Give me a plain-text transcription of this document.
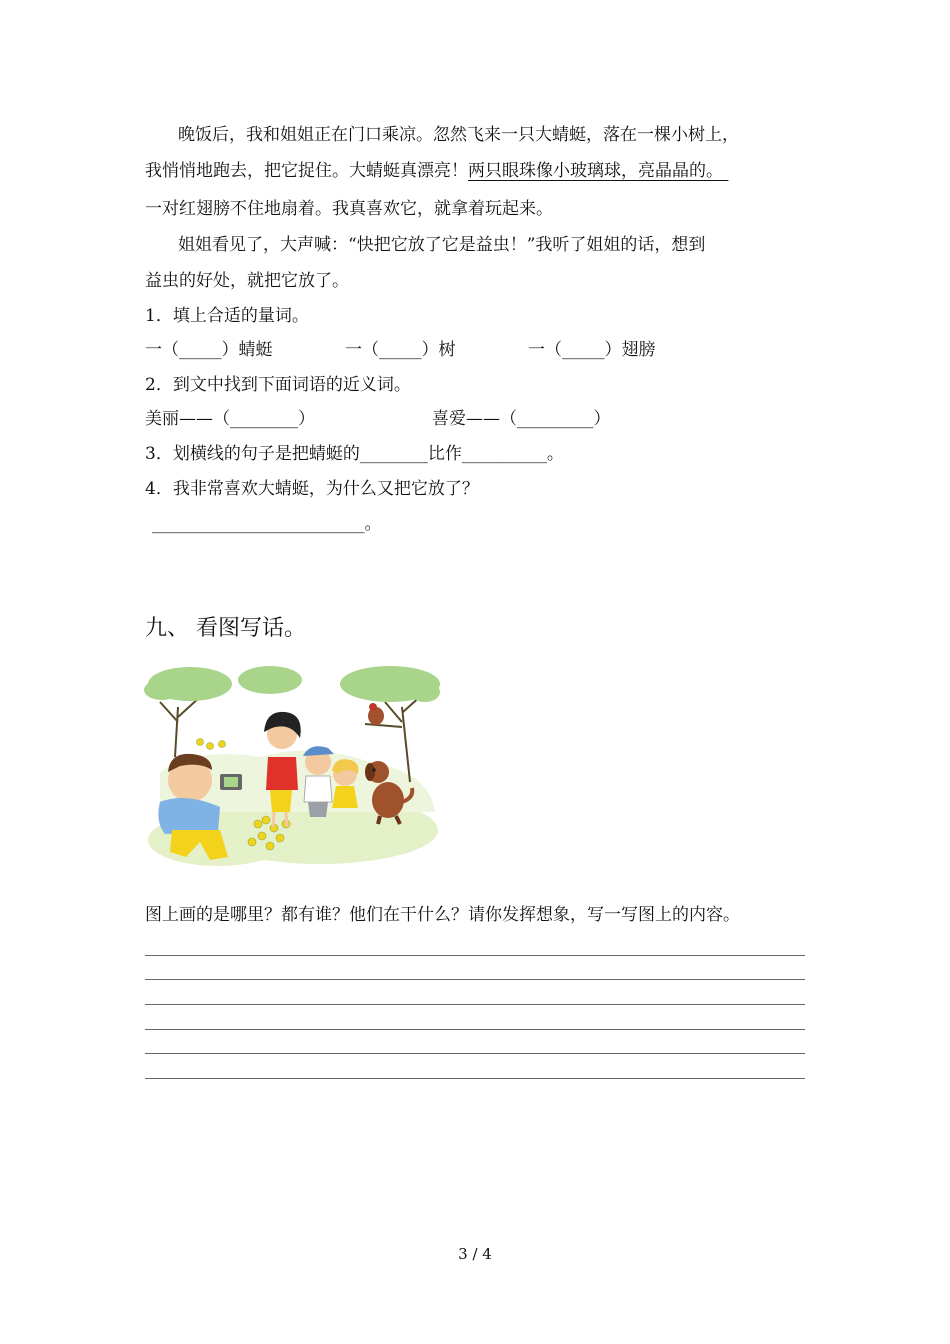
晚饭后，我和姐姐正在门口乘凉。忽然飞来一只大蜻蜓，落在一棵小树上，
我悄悄地跑去，把它捉住。大蜻蜓真漂亮！两只眼珠像小玻璃球，亮晶晶的。
一对红翅膀不住地扇着。我真喜欢它，就拿着玩起来。
姐姐看见了，大声喊：“快把它放了它是益虫！”我听了姐姐的话，想到
益虫的好处，就把它放了。
1．填上合适的量词。
一（_____）蜻蜓	一（_____）树	一（_____）翅膀
2．到文中找到下面词语的近义词。
美丽——（________）	喜爱——（_________）
3．划横线的句子是把蜻蜓的________比作__________。
4．我非常喜欢大蜻蜓，为什么又把它放了？
_________________________。
九、 看图写话。
图上画的是哪里？都有谁？他们在干什么？请你发挥想象，写一写图上的内容。
3 / 4
